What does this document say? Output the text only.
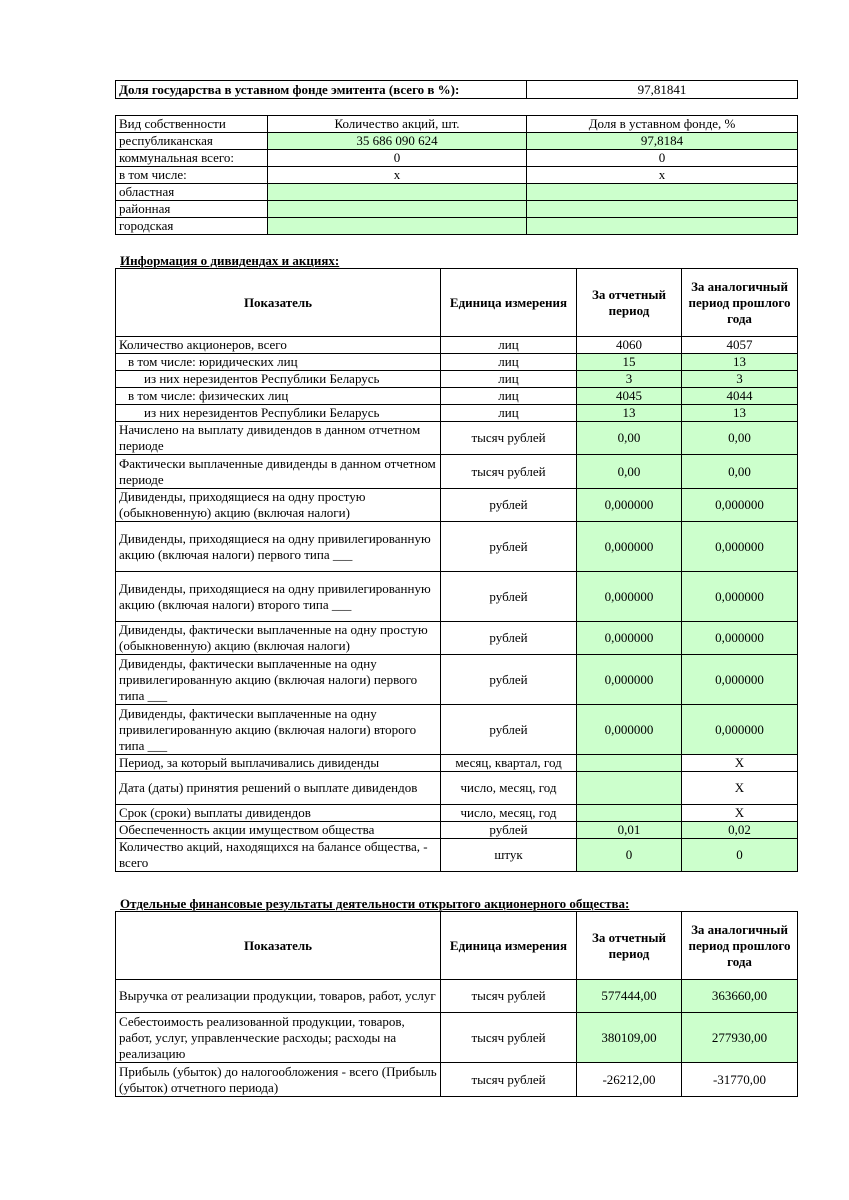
Доля государства в уставном фонде эмитента (всего в %):	97,81841
Вид собственности	Количество акций, шт.	Доля в уставном фонде, %
республиканская	35 686 090 624	97,8184
коммунальная всего:	0	0
в том числе:	x	x
областная		
районная		
городская		
Информация о дивидендах и акциях:
Показатель	Единица измерения	За отчетный период	За аналогичный период прошлого года
Количество акционеров, всего	лиц	4060	4057
в том числе: юридических лиц	лиц	15	13
из них нерезидентов Республики Беларусь	лиц	3	3
в том числе: физических лиц	лиц	4045	4044
из них нерезидентов Республики Беларусь	лиц	13	13
Начислено на выплату дивидендов в данном отчетном периоде	тысяч рублей	0,00	0,00
Фактически выплаченные дивиденды в данном отчетном периоде	тысяч рублей	0,00	0,00
Дивиденды, приходящиеся на одну простую (обыкновенную) акцию (включая налоги)	рублей	0,000000	0,000000
Дивиденды, приходящиеся на одну привилегированную акцию (включая налоги) первого типа ___	рублей	0,000000	0,000000
Дивиденды, приходящиеся на одну привилегированную акцию (включая налоги) второго типа ___	рублей	0,000000	0,000000
Дивиденды, фактически выплаченные на одну простую (обыкновенную) акцию (включая налоги)	рублей	0,000000	0,000000
Дивиденды, фактически выплаченные на одну привилегированную акцию (включая налоги) первого типа ___	рублей	0,000000	0,000000
Дивиденды, фактически выплаченные на одну привилегированную акцию (включая налоги) второго типа ___	рублей	0,000000	0,000000
Период, за который выплачивались дивиденды	месяц, квартал, год		X
Дата (даты) принятия решений о выплате дивидендов	число, месяц, год		X
Срок (сроки) выплаты дивидендов	число, месяц, год		X
Обеспеченность акции имуществом общества	рублей	0,01	0,02
Количество акций, находящихся на балансе общества, - всего	штук	0	0
Отдельные финансовые результаты деятельности открытого акционерного общества:
Показатель	Единица измерения	За отчетный период	За аналогичный период прошлого года
Выручка от реализации продукции, товаров, работ, услуг	тысяч рублей	577444,00	363660,00
Себестоимость реализованной продукции, товаров, работ, услуг, управленческие расходы; расходы на реализацию	тысяч рублей	380109,00	277930,00
Прибыль (убыток) до налогообложения - всего (Прибыль (убыток) отчетного периода)	тысяч рублей	-26212,00	-31770,00
